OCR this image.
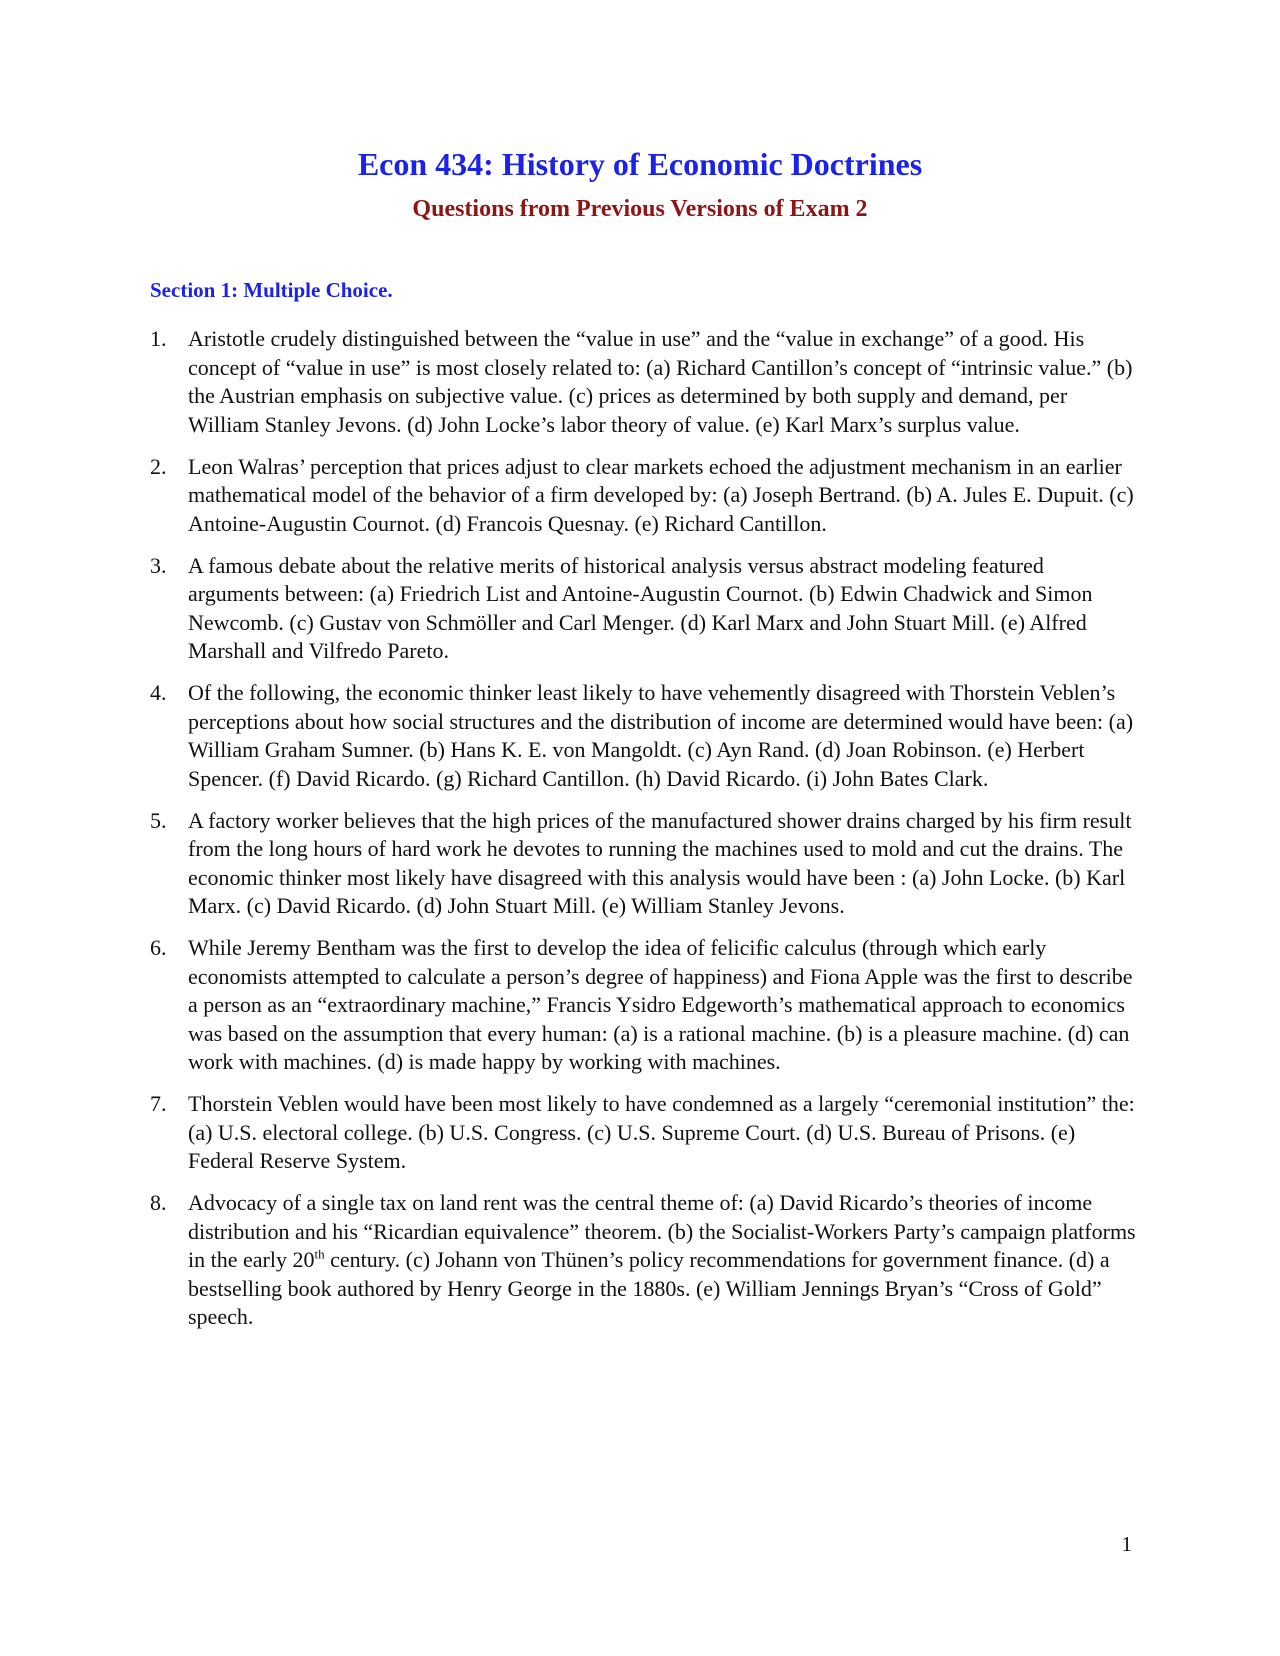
Econ 434: History of Economic Doctrines
Questions from Previous Versions of Exam 2
Section 1: Multiple Choice.
1. Aristotle crudely distinguished between the “value in use” and the “value in exchange” of a good. His concept of “value in use” is most closely related to: (a) Richard Cantillon’s concept of “intrinsic value.” (b) the Austrian emphasis on subjective value. (c) prices as determined by both supply and demand, per William Stanley Jevons. (d) John Locke’s labor theory of value. (e) Karl Marx’s surplus value.
2. Leon Walras’ perception that prices adjust to clear markets echoed the adjustment mechanism in an earlier mathematical model of the behavior of a firm developed by: (a) Joseph Bertrand. (b) A. Jules E. Dupuit. (c) Antoine-Augustin Cournot. (d) Francois Quesnay. (e) Richard Cantillon.
3. A famous debate about the relative merits of historical analysis versus abstract modeling featured arguments between: (a) Friedrich List and Antoine-Augustin Cournot. (b) Edwin Chadwick and Simon Newcomb. (c) Gustav von Schmöller and Carl Menger. (d) Karl Marx and John Stuart Mill. (e) Alfred Marshall and Vilfredo Pareto.
4. Of the following, the economic thinker least likely to have vehemently disagreed with Thorstein Veblen’s perceptions about how social structures and the distribution of income are determined would have been: (a) William Graham Sumner. (b) Hans K. E. von Mangoldt. (c) Ayn Rand. (d) Joan Robinson. (e) Herbert Spencer. (f) David Ricardo. (g) Richard Cantillon. (h) David Ricardo. (i) John Bates Clark.
5. A factory worker believes that the high prices of the manufactured shower drains charged by his firm result from the long hours of hard work he devotes to running the machines used to mold and cut the drains. The economic thinker most likely have disagreed with this analysis would have been : (a) John Locke. (b) Karl Marx. (c) David Ricardo. (d) John Stuart Mill. (e) William Stanley Jevons.
6. While Jeremy Bentham was the first to develop the idea of felicific calculus (through which early economists attempted to calculate a person’s degree of happiness) and Fiona Apple was the first to describe a person as an “extraordinary machine,” Francis Ysidro Edgeworth’s mathematical approach to economics was based on the assumption that every human: (a) is a rational machine. (b) is a pleasure machine. (d) can work with machines. (d) is made happy by working with machines.
7. Thorstein Veblen would have been most likely to have condemned as a largely “ceremonial institution” the: (a) U.S. electoral college. (b) U.S. Congress. (c) U.S. Supreme Court. (d) U.S. Bureau of Prisons. (e) Federal Reserve System.
8. Advocacy of a single tax on land rent was the central theme of: (a) David Ricardo’s theories of income distribution and his “Ricardian equivalence” theorem. (b) the Socialist-Workers Party’s campaign platforms in the early 20th century. (c) Johann von Thünen’s policy recommendations for government finance. (d) a bestselling book authored by Henry George in the 1880s. (e) William Jennings Bryan’s “Cross of Gold” speech.
1
